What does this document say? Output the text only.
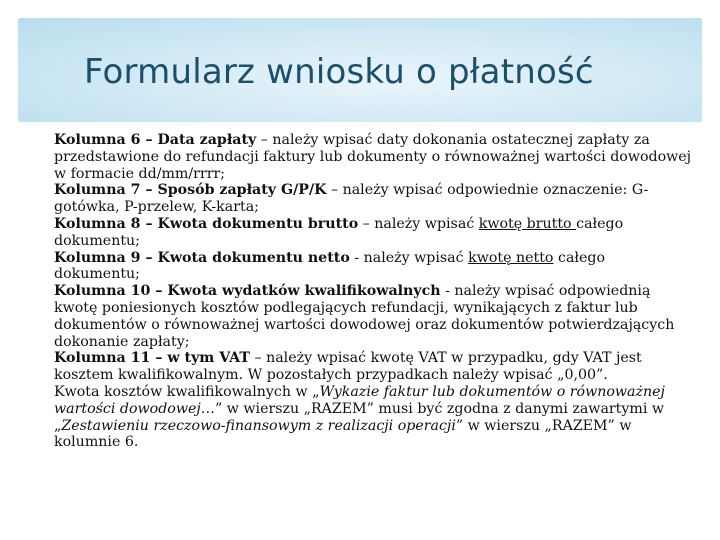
Formularz wniosku o płatność

Kolumna 6 – Data zapłaty – należy wpisać daty dokonania ostatecznej zapłaty za przedstawione do refundacji faktury lub dokumenty o równoważnej wartości dowodowej w formacie dd/mm/rrrr;

Kolumna 7 – Sposób zapłaty G/P/K – należy wpisać odpowiednie oznaczenie: G-gotówka, P-przelew, K-karta;

Kolumna 8 – Kwota dokumentu brutto – należy wpisać kwotę brutto całego dokumentu;

Kolumna 9 – Kwota dokumentu netto - należy wpisać kwotę netto całego dokumentu;

Kolumna 10 – Kwota wydatków kwalifikowalnych - należy wpisać odpowiednią kwotę poniesionych kosztów podlegających refundacji, wynikających z faktur lub dokumentów o równoważnej wartości dowodowej oraz dokumentów potwierdzających dokonanie zapłaty;

Kolumna 11 – w tym VAT – należy wpisać kwotę VAT w przypadku, gdy VAT jest kosztem kwalifikowalnym. W pozostałych przypadkach należy wpisać „0,00”.

Kwota kosztów kwalifikowalnych w „Wykazie faktur lub dokumentów o równoważnej wartości dowodowej…” w wierszu „RAZEM” musi być zgodna z danymi zawartymi w „Zestawieniu rzeczowo-finansowym z realizacji operacji” w wierszu „RAZEM” w kolumnie 6.
